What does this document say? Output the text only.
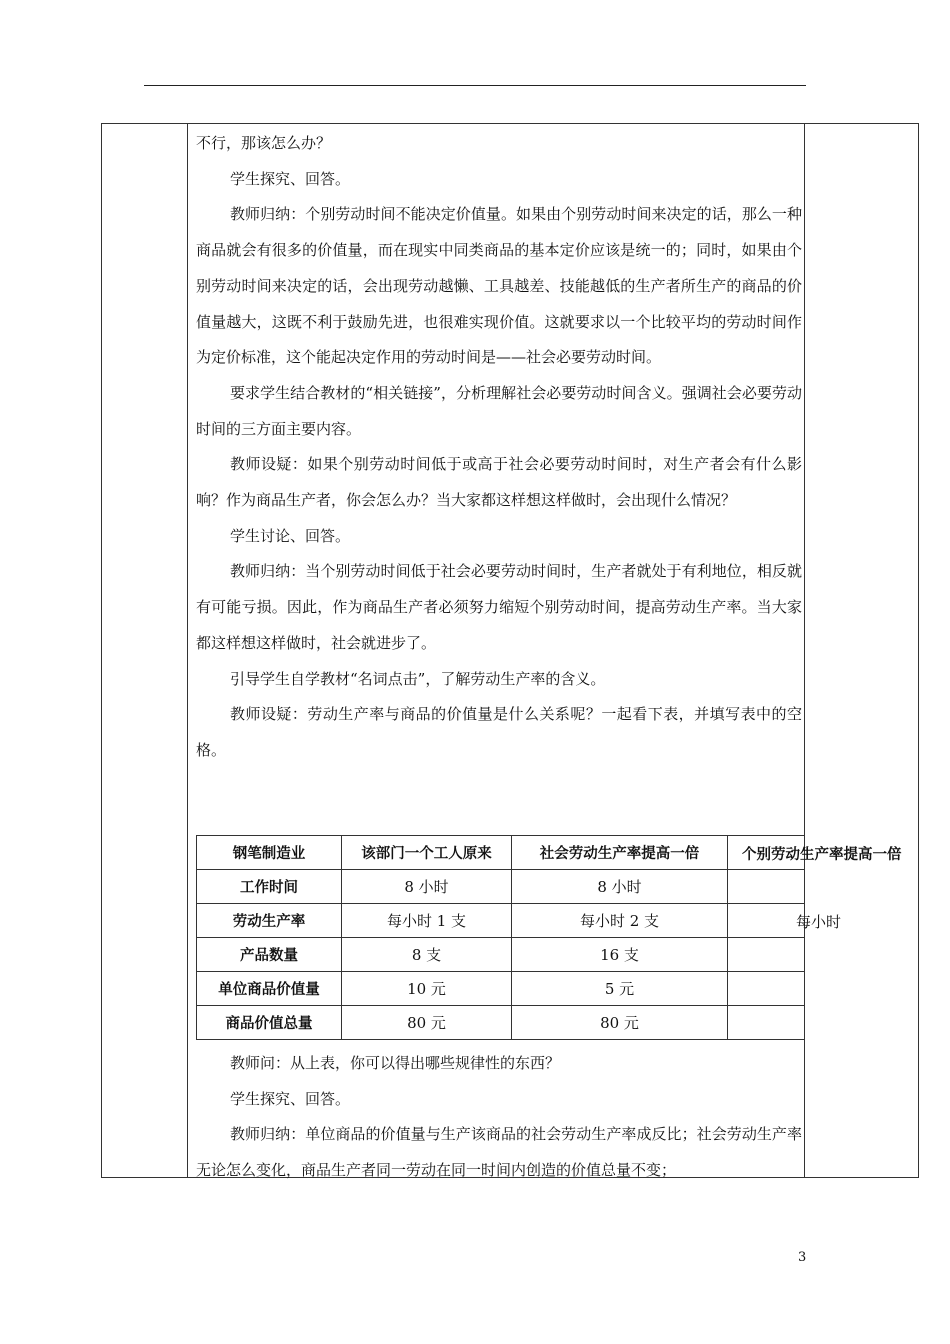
不行，那该怎么办？

学生探究、回答。

教师归纳：个别劳动时间不能决定价值量。如果由个别劳动时间来决定的话，那么一种商品就会有很多的价值量，而在现实中同类商品的基本定价应该是统一的；同时，如果由个别劳动时间来决定的话，会出现劳动越懒、工具越差、技能越低的生产者所生产的商品的价值量越大，这既不利于鼓励先进，也很难实现价值。这就要求以一个比较平均的劳动时间作为定价标准，这个能起决定作用的劳动时间是——社会必要劳动时间。

要求学生结合教材的“相关链接”，分析理解社会必要劳动时间含义。强调社会必要劳动时间的三方面主要内容。

教师设疑：如果个别劳动时间低于或高于社会必要劳动时间时，对生产者会有什么影响？作为商品生产者，你会怎么办？当大家都这样想这样做时，会出现什么情况？

学生讨论、回答。

教师归纳：当个别劳动时间低于社会必要劳动时间时，生产者就处于有利地位，相反就有可能亏损。因此，作为商品生产者必须努力缩短个别劳动时间，提高劳动生产率。当大家都这样想这样做时，社会就进步了。

引导学生自学教材“名词点击”，了解劳动生产率的含义。

教师设疑：劳动生产率与商品的价值量是什么关系呢？一起看下表，并填写表中的空格。

钢笔制造业	该部门一个工人原来	社会劳动生产率提高一倍	个别劳动生产率提高一倍

工作时间	8 小时	8 小时	
劳动生产率	每小时 1 支	每小时 2 支	每小时

产品数量	8 支	16 支	
单位商品价值量	10 元	5 元	
商品价值总量	80 元	80 元	

教师问：从上表，你可以得出哪些规律性的东西？

学生探究、回答。

教师归纳：单位商品的价值量与生产该商品的社会劳动生产率成反比；社会劳动生产率无论怎么变化，商品生产者同一劳动在同一时间内创造的价值总量不变；

3
